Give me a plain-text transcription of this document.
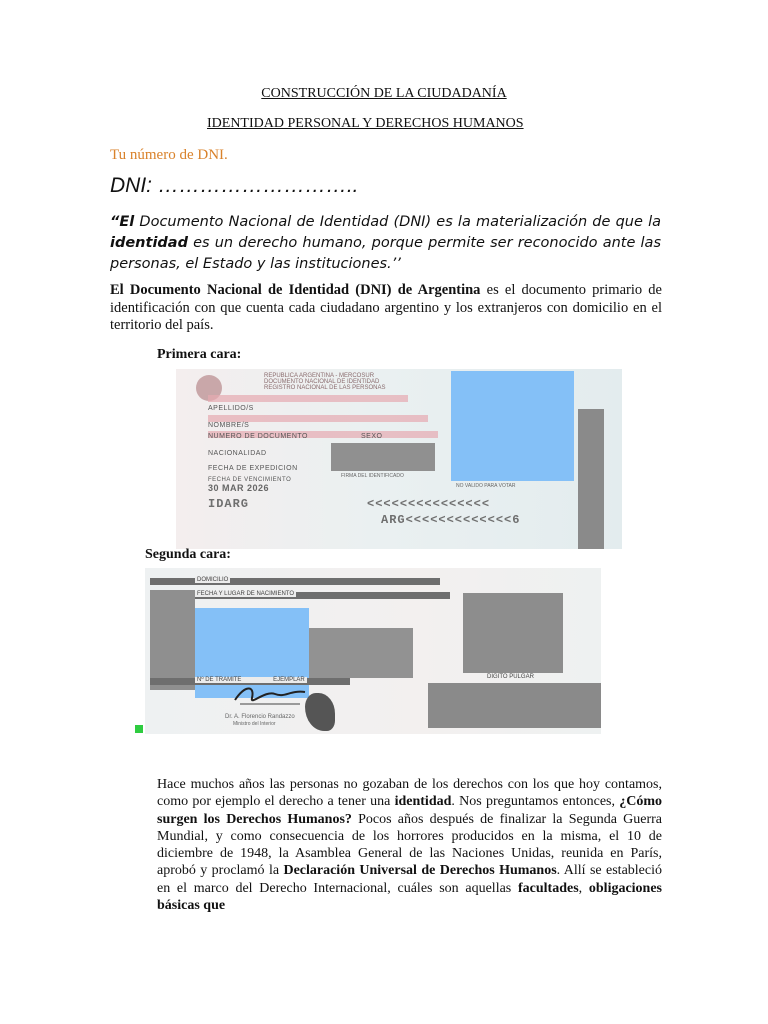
CONSTRUCCIÓN DE LA CIUDADANÍA
IDENTIDAD PERSONAL Y DERECHOS HUMANOS
Tu número de DNI.
DNI: ………………………..
“El Documento Nacional de Identidad (DNI) es la materialización de que la identidad es un derecho humano, porque permite ser reconocido ante las personas, el Estado y las instituciones.’’
El Documento Nacional de Identidad (DNI) de Argentina es el documento primario de identificación con que cuenta cada ciudadano argentino y los extranjeros con domicilio en el territorio del país.
Primera cara:
REPUBLICA ARGENTINA - MERCOSUR
DOCUMENTO NACIONAL DE IDENTIDAD
REGISTRO NACIONAL DE LAS PERSONAS
APELLIDO/S
NOMBRE/S
NUMERO DE DOCUMENTO	SEXO
NACIONALIDAD
FECHA DE EXPEDICION
FECHA DE VENCIMIENTO
30 MAR 2026
FIRMA DEL IDENTIFICADO
NO VALIDO PARA VOTAR
IDARG	<<<<<<<<<<<<<<<
ARG<<<<<<<<<<<<<6
Segunda cara:
DOMICILIO
FECHA Y LUGAR DE NACIMIENTO
Nº DE TRAMITE	EJEMPLAR	DIGITO PULGAR
Dr. A. Florencio Randazzo
Ministro del Interior
Hace muchos años las personas no gozaban de los derechos con los que hoy contamos, como por ejemplo el derecho a tener una identidad. Nos preguntamos entonces, ¿Cómo surgen los Derechos Humanos? Pocos años después de finalizar la Segunda Guerra Mundial, y como consecuencia de los horrores producidos en la misma, el 10 de diciembre de 1948, la Asamblea General de las Naciones Unidas, reunida en París, aprobó y proclamó la Declaración Universal de Derechos Humanos. Allí se estableció en el marco del Derecho Internacional, cuáles son aquellas facultades, obligaciones básicas que
